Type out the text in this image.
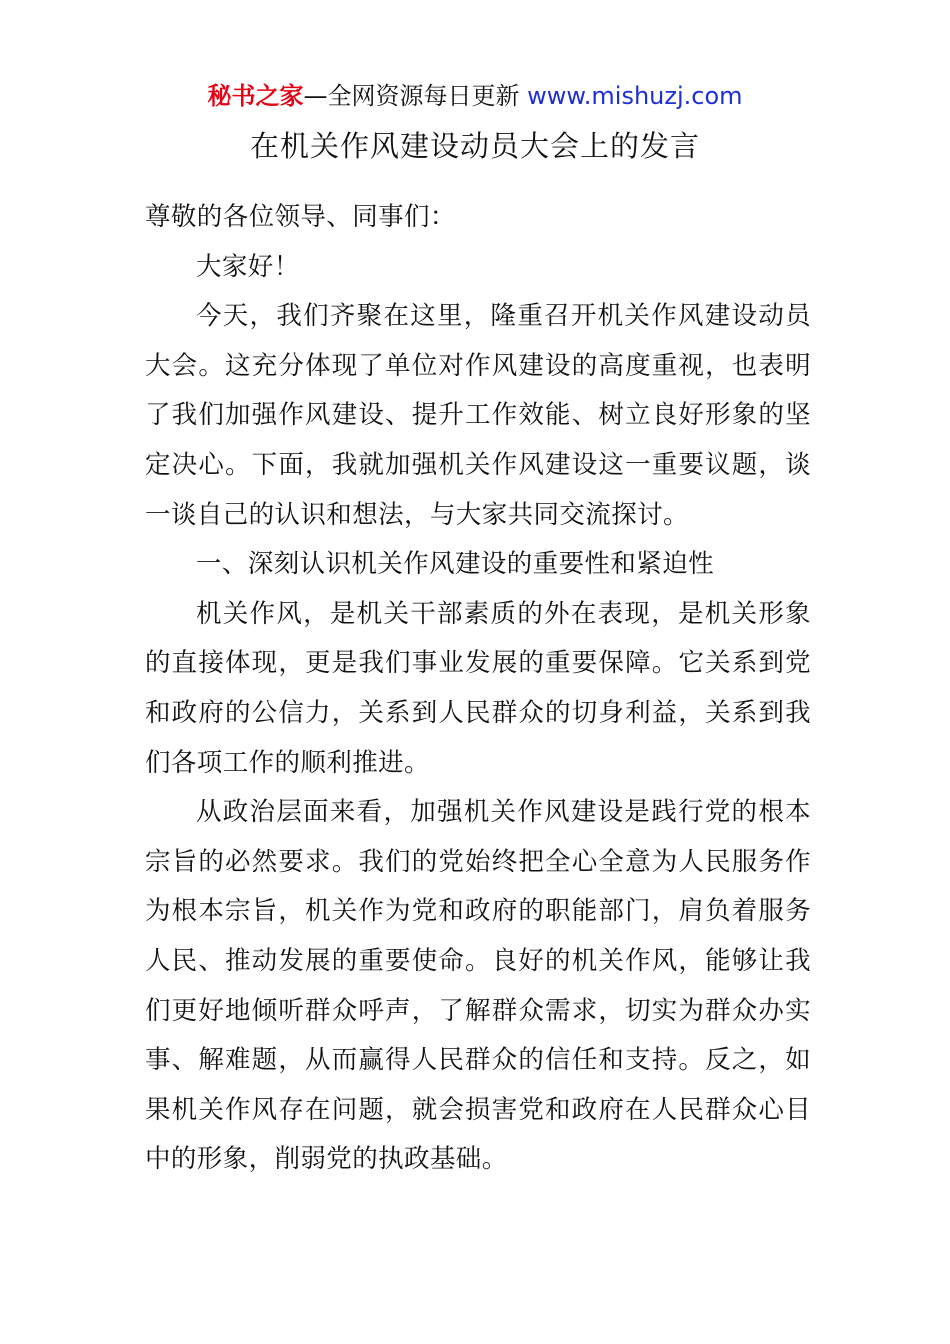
秘书之家—全网资源每日更新 www.mishuzj.com
在机关作风建设动员大会上的发言

尊敬的各位领导、同事们：

大家好！

今天，我们齐聚在这里，隆重召开机关作风建设动员大会。这充分体现了单位对作风建设的高度重视，也表明了我们加强作风建设、提升工作效能、树立良好形象的坚定决心。下面，我就加强机关作风建设这一重要议题，谈一谈自己的认识和想法，与大家共同交流探讨。

一、深刻认识机关作风建设的重要性和紧迫性

机关作风，是机关干部素质的外在表现，是机关形象的直接体现，更是我们事业发展的重要保障。它关系到党和政府的公信力，关系到人民群众的切身利益，关系到我们各项工作的顺利推进。

从政治层面来看，加强机关作风建设是践行党的根本宗旨的必然要求。我们的党始终把全心全意为人民服务作为根本宗旨，机关作为党和政府的职能部门，肩负着服务人民、推动发展的重要使命。良好的机关作风，能够让我们更好地倾听群众呼声，了解群众需求，切实为群众办实事、解难题，从而赢得人民群众的信任和支持。反之，如果机关作风存在问题，就会损害党和政府在人民群众心目中的形象，削弱党的执政基础。
